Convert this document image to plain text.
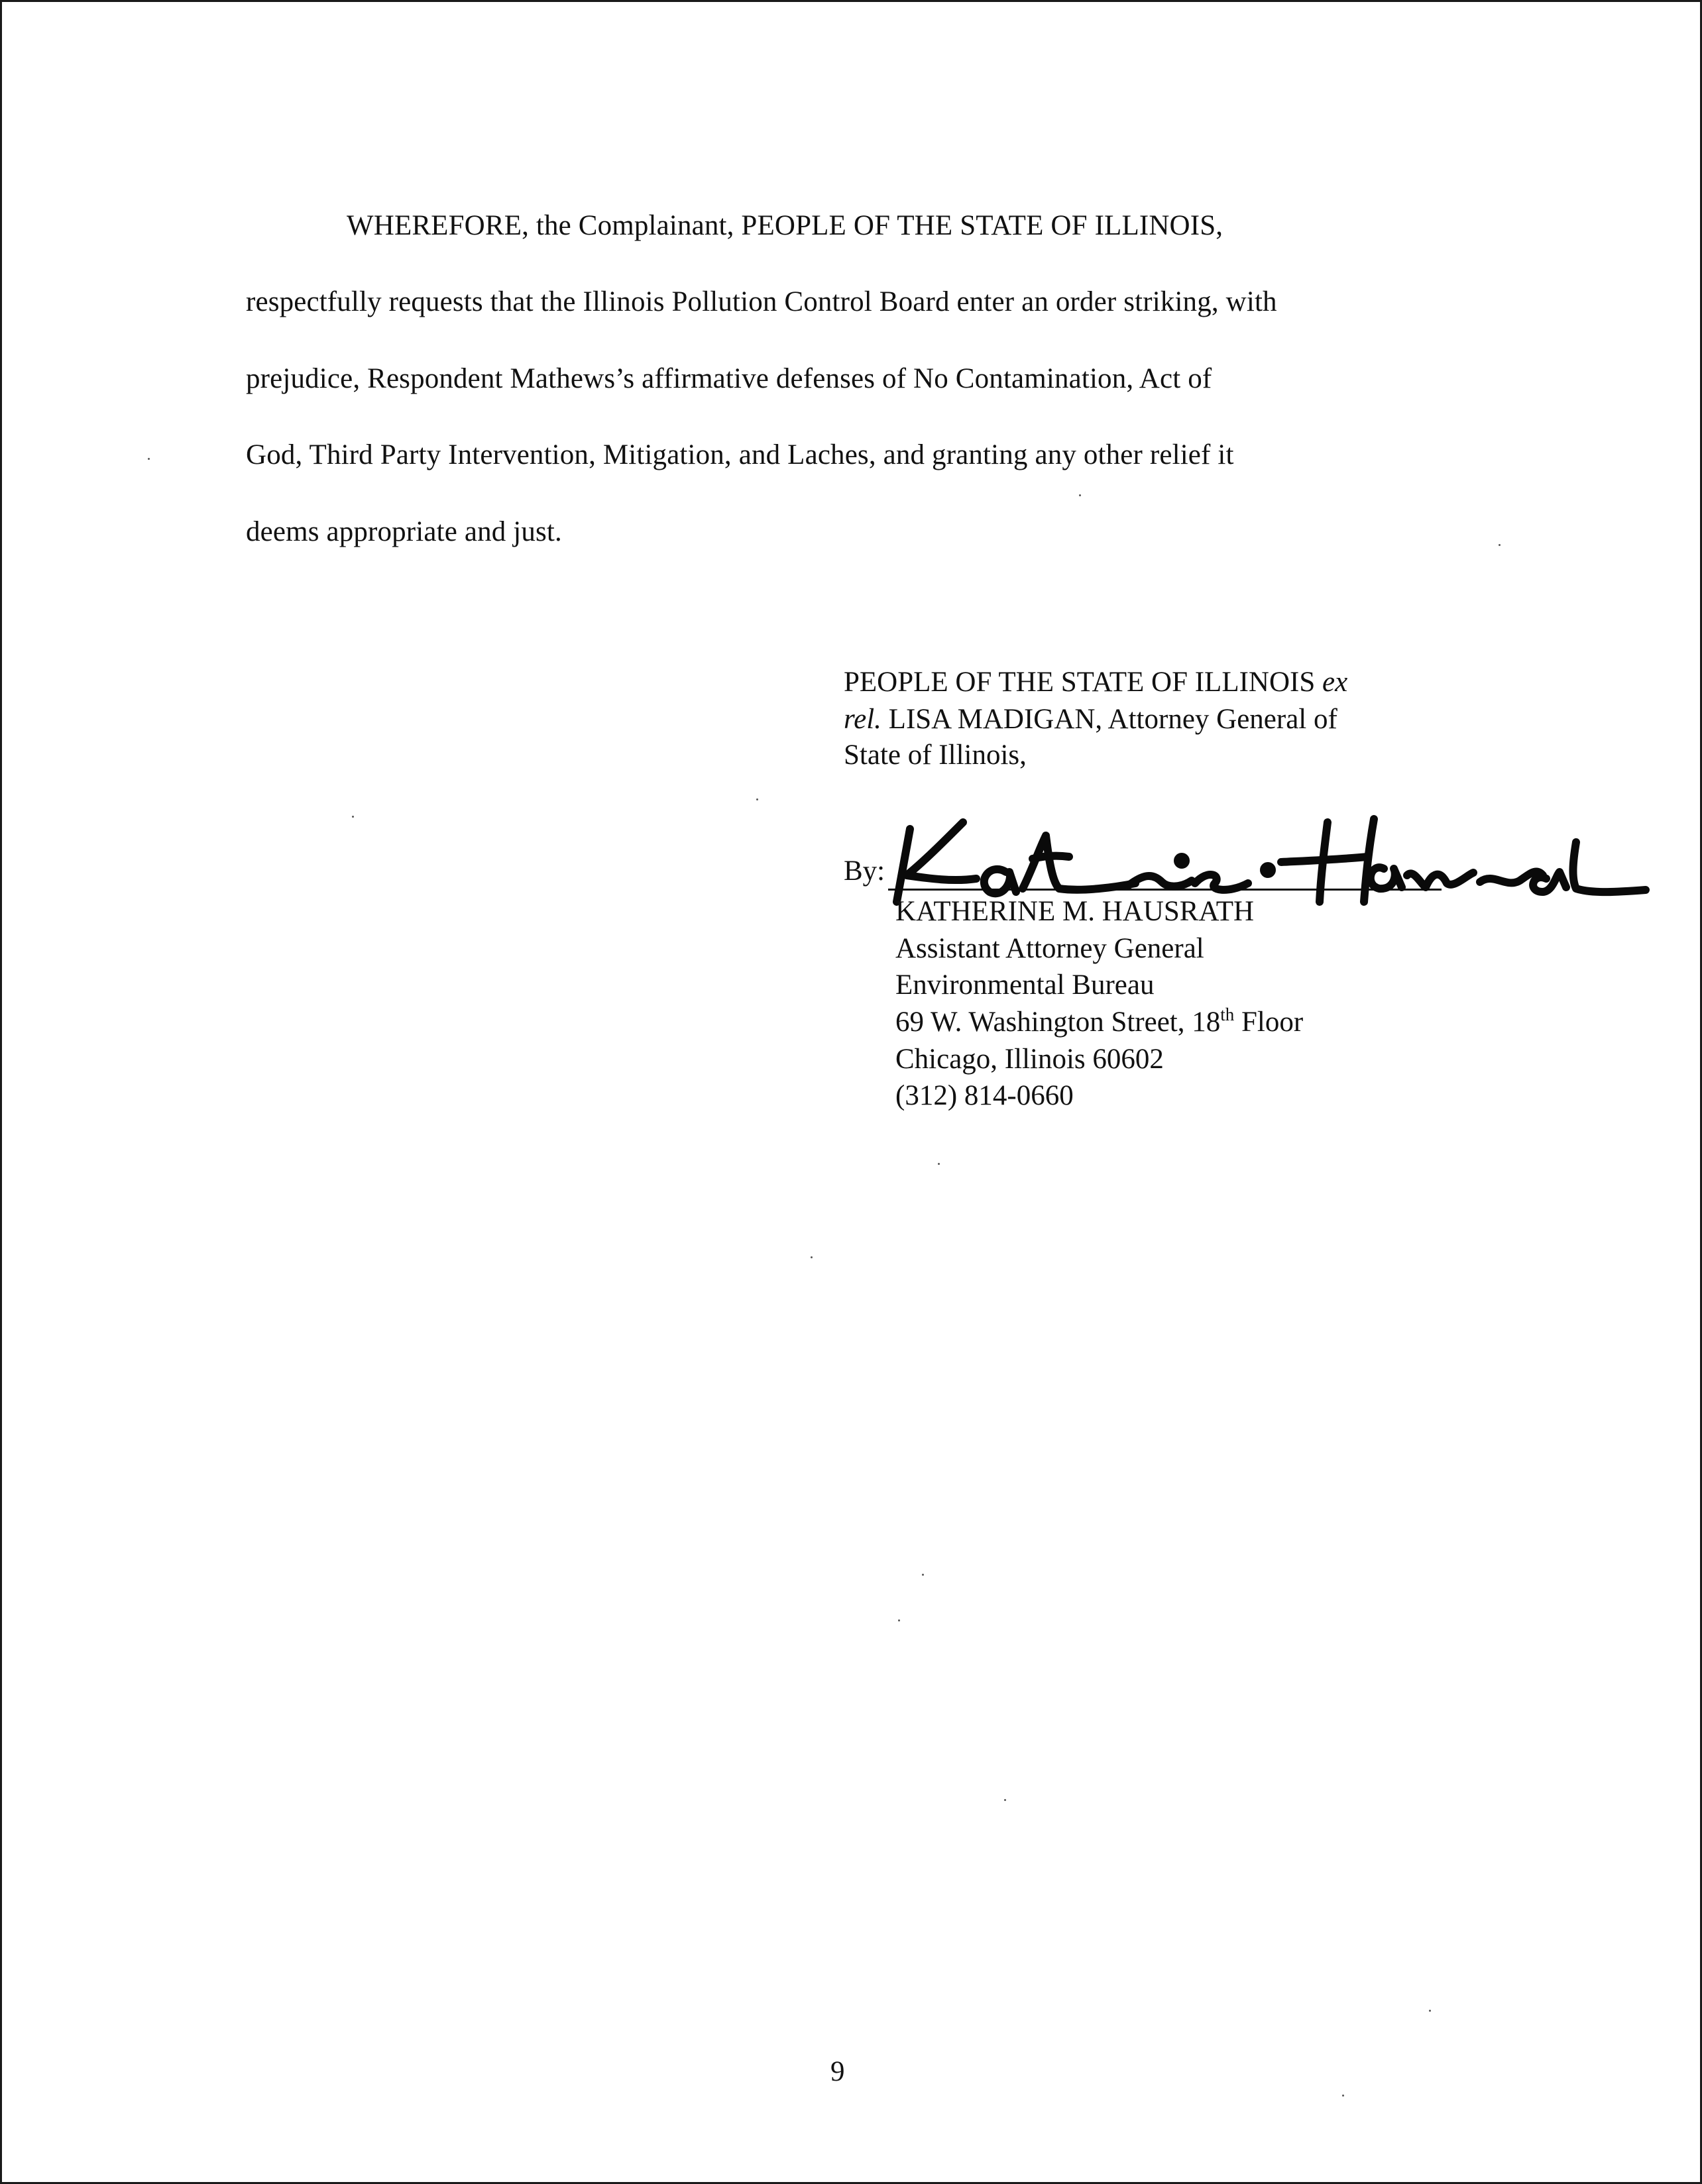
WHEREFORE, the Complainant, PEOPLE OF THE STATE OF ILLINOIS,
respectfully requests that the Illinois Pollution Control Board enter an order striking, with
prejudice, Respondent Mathews’s affirmative defenses of No Contamination, Act of
God, Third Party Intervention, Mitigation, and Laches, and granting any other relief it
deems appropriate and just.
PEOPLE OF THE STATE OF ILLINOIS ex
rel. LISA MADIGAN, Attorney General of
State of Illinois,
By:
KATHERINE M. HAUSRATH
Assistant Attorney General
Environmental Bureau
69 W. Washington Street, 18th Floor
Chicago, Illinois 60602
(312) 814-0660
9
